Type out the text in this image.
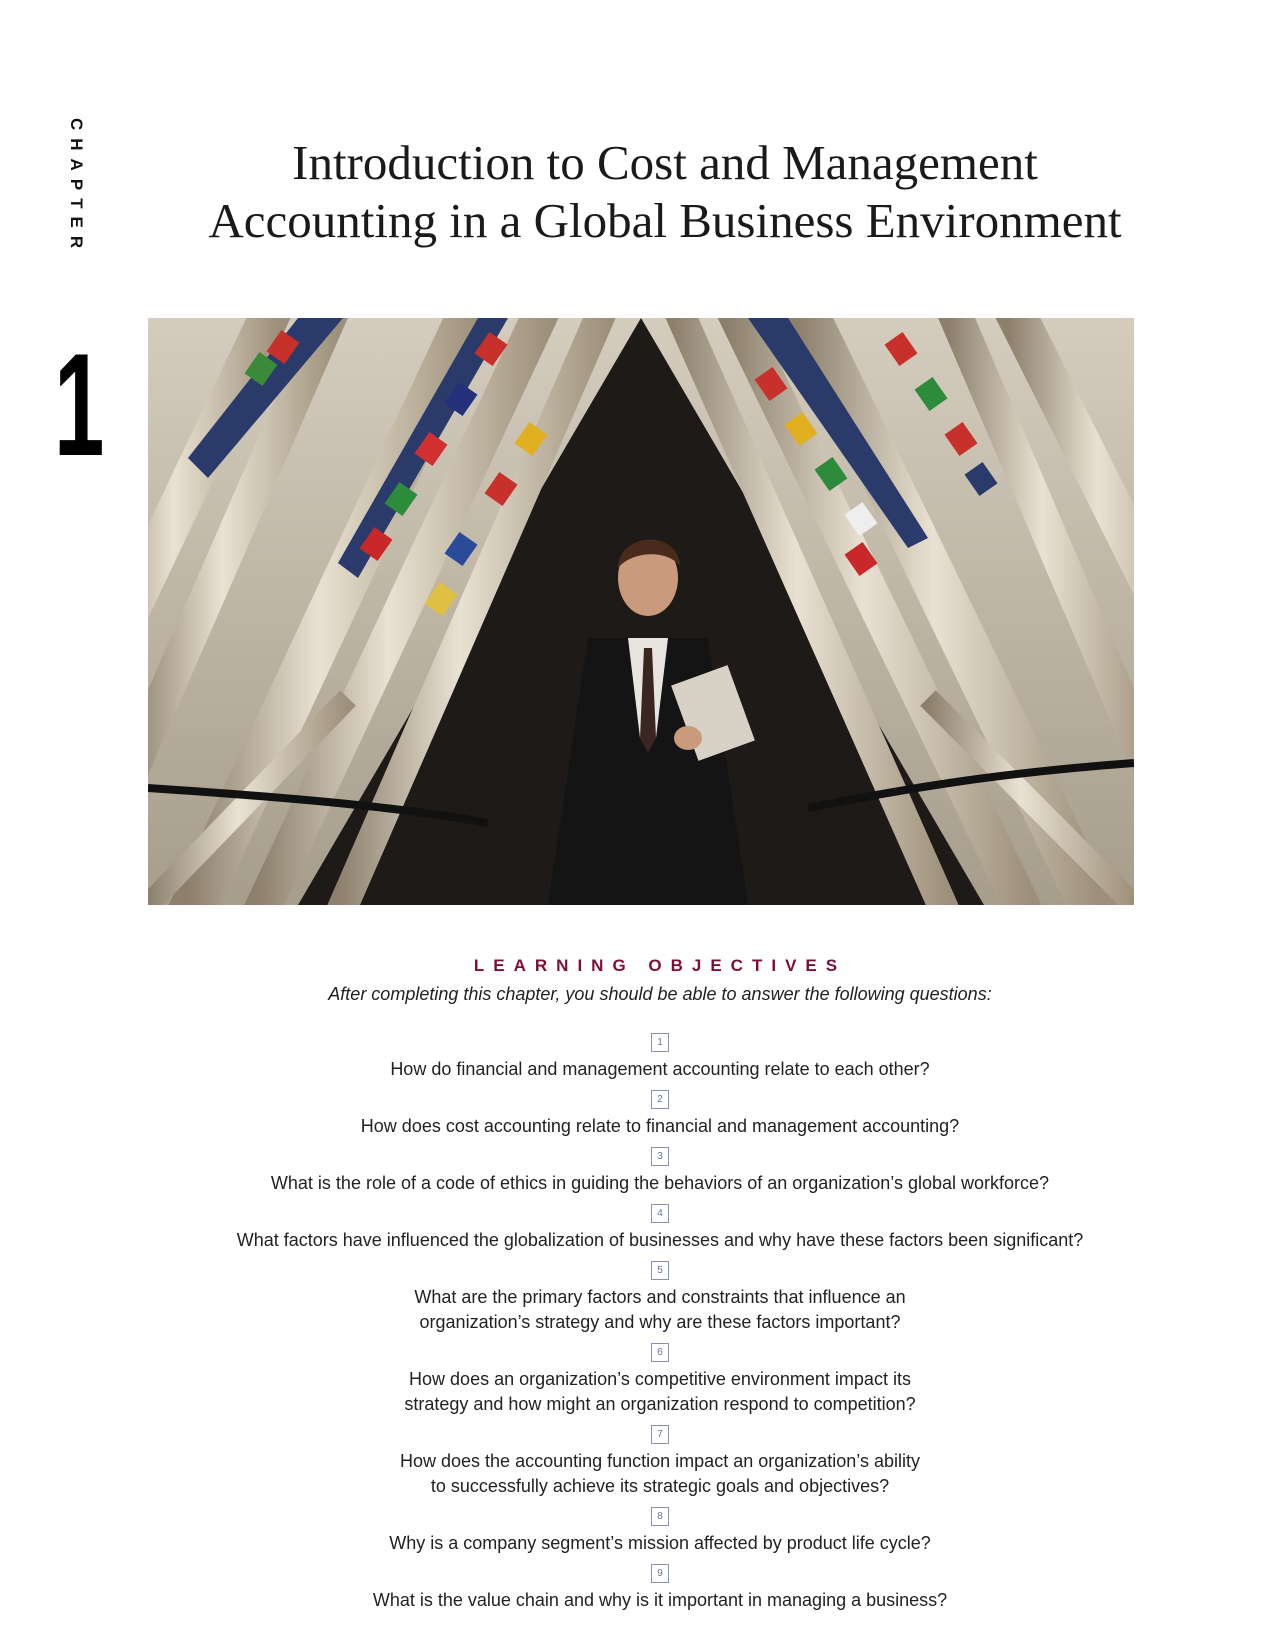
CHAPTER
1
Introduction to Cost and Management
Accounting in a Global Business Environment
LEARNING OBJECTIVES
After completing this chapter, you should be able to answer the following questions:
1
How do financial and management accounting relate to each other?
2
How does cost accounting relate to financial and management accounting?
3
What is the role of a code of ethics in guiding the behaviors of an organization’s global workforce?
4
What factors have influenced the globalization of businesses and why have these factors been significant?
5
What are the primary factors and constraints that influence an
organization’s strategy and why are these factors important?
6
How does an organization’s competitive environment impact its
strategy and how might an organization respond to competition?
7
How does the accounting function impact an organization’s ability
to successfully achieve its strategic goals and objectives?
8
Why is a company segment’s mission affected by product life cycle?
9
What is the value chain and why is it important in managing a business?
